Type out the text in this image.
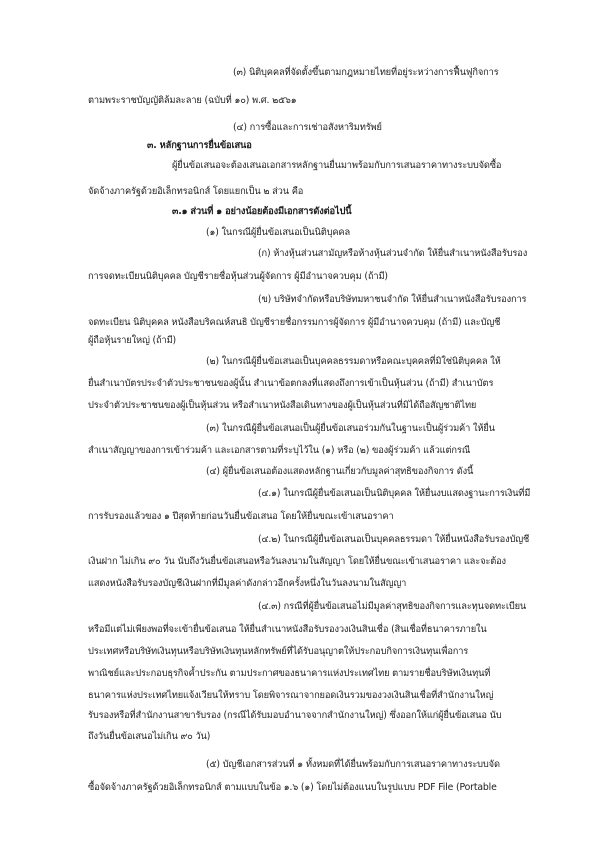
(๓) นิติบุคคลที่จัดตั้งขึ้นตามกฎหมายไทยที่อยู่ระหว่างการฟื้นฟูกิจการ
ตามพระราชบัญญัติล้มละลาย (ฉบับที่ ๑๐) พ.ศ. ๒๕๖๑
(๔) การซื้อและการเช่าอสังหาริมทรัพย์
๓. หลักฐานการยื่นข้อเสนอ
ผู้ยื่นข้อเสนอจะต้องเสนอเอกสารหลักฐานยื่นมาพร้อมกับการเสนอราคาทางระบบจัดซื้อ
จัดจ้างภาครัฐด้วยอิเล็กทรอนิกส์ โดยแยกเป็น ๒ ส่วน คือ
๓.๑ ส่วนที่ ๑ อย่างน้อยต้องมีเอกสารดังต่อไปนี้
(๑) ในกรณีผู้ยื่นข้อเสนอเป็นนิติบุคคล
(ก) ห้างหุ้นส่วนสามัญหรือห้างหุ้นส่วนจำกัด ให้ยื่นสำเนาหนังสือรับรอง
การจดทะเบียนนิติบุคคล บัญชีรายชื่อหุ้นส่วนผู้จัดการ ผู้มีอำนาจควบคุม (ถ้ามี)
(ข) บริษัทจำกัดหรือบริษัทมหาชนจำกัด ให้ยื่นสำเนาหนังสือรับรองการ
จดทะเบียน นิติบุคคล หนังสือบริคณห์สนธิ บัญชีรายชื่อกรรมการผู้จัดการ ผู้มีอำนาจควบคุม (ถ้ามี) และบัญชี
ผู้ถือหุ้นรายใหญ่ (ถ้ามี)
(๒) ในกรณีผู้ยื่นข้อเสนอเป็นบุคคลธรรมดาหรือคณะบุคคลที่มิใช่นิติบุคคล ให้
ยื่นสำเนาบัตรประจำตัวประชาชนของผู้นั้น สำเนาข้อตกลงที่แสดงถึงการเข้าเป็นหุ้นส่วน (ถ้ามี) สำเนาบัตร
ประจำตัวประชาชนของผู้เป็นหุ้นส่วน หรือสำเนาหนังสือเดินทางของผู้เป็นหุ้นส่วนที่มิได้ถือสัญชาติไทย
(๓) ในกรณีผู้ยื่นข้อเสนอเป็นผู้ยื่นข้อเสนอร่วมกันในฐานะเป็นผู้ร่วมค้า ให้ยื่น
สำเนาสัญญาของการเข้าร่วมค้า และเอกสารตามที่ระบุไว้ใน (๑) หรือ (๒) ของผู้ร่วมค้า แล้วแต่กรณี
(๔) ผู้ยื่นข้อเสนอต้องแสดงหลักฐานเกี่ยวกับมูลค่าสุทธิของกิจการ ดังนี้
(๔.๑) ในกรณีผู้ยื่นข้อเสนอเป็นนิติบุคคล ให้ยื่นงบแสดงฐานะการเงินที่มี
การรับรองแล้วของ ๑ ปีสุดท้ายก่อนวันยื่นข้อเสนอ โดยให้ยื่นขณะเข้าเสนอราคา
(๔.๒) ในกรณีผู้ยื่นข้อเสนอเป็นบุคคลธรรมดา ให้ยื่นหนังสือรับรองบัญชี
เงินฝาก ไม่เกิน ๙๐ วัน นับถึงวันยื่นข้อเสนอหรือวันลงนามในสัญญา โดยให้ยื่นขณะเข้าเสนอราคา และจะต้อง
แสดงหนังสือรับรองบัญชีเงินฝากที่มีมูลค่าดังกล่าวอีกครั้งหนึ่งในวันลงนามในสัญญา
(๔.๓) กรณีที่ผู้ยื่นข้อเสนอไม่มีมูลค่าสุทธิของกิจการและทุนจดทะเบียน
หรือมีแต่ไม่เพียงพอที่จะเข้ายื่นข้อเสนอ ให้ยื่นสำเนาหนังสือรับรองวงเงินสินเชื่อ (สินเชื่อที่ธนาคารภายใน
ประเทศหรือบริษัทเงินทุนหรือบริษัทเงินทุนหลักทรัพย์ที่ได้รับอนุญาตให้ประกอบกิจการเงินทุนเพื่อการ
พาณิชย์และประกอบธุรกิจค้ำประกัน ตามประกาศของธนาคารแห่งประเทศไทย ตามรายชื่อบริษัทเงินทุนที่
ธนาคารแห่งประเทศไทยแจ้งเวียนให้ทราบ โดยพิจารณาจากยอดเงินรวมของวงเงินสินเชื่อที่สำนักงานใหญ่
รับรองหรือที่สำนักงานสาขารับรอง (กรณีได้รับมอบอำนาจจากสำนักงานใหญ่) ซึ่งออกให้แก่ผู้ยื่นข้อเสนอ นับ
ถึงวันยื่นข้อเสนอไม่เกิน ๙๐ วัน)
(๕) บัญชีเอกสารส่วนที่ ๑ ทั้งหมดที่ได้ยื่นพร้อมกับการเสนอราคาทางระบบจัด
ซื้อจัดจ้างภาครัฐด้วยอิเล็กทรอนิกส์ ตามแบบในข้อ ๑.๖ (๑) โดยไม่ต้องแนบในรูปแบบ PDF File (Portable
